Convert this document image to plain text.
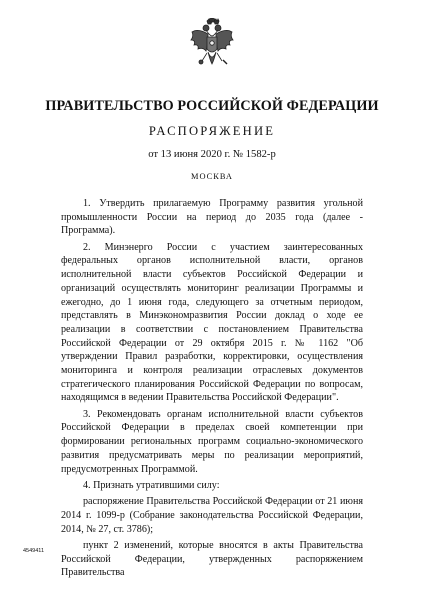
ПРАВИТЕЛЬСТВО РОССИЙСКОЙ ФЕДЕРАЦИИ
РАСПОРЯЖЕНИЕ
от 13 июня 2020 г. № 1582-р
МОСКВА

1. Утвердить прилагаемую Программу развития угольной промышленности России на период до 2035 года (далее - Программа).

2. Минэнерго России с участием заинтересованных федеральных органов исполнительной власти, органов исполнительной власти субъектов Российской Федерации и организаций осуществлять мониторинг реализации Программы и ежегодно, до 1 июня года, следующего за отчетным периодом, представлять в Минэкономразвития России доклад о ходе ее реализации в соответствии с постановлением Правительства Российской Федерации от 29 октября 2015 г. № 1162 "Об утверждении Правил разработки, корректировки, осуществления мониторинга и контроля реализации отраслевых документов стратегического планирования Российской Федерации по вопросам, находящимся в ведении Правительства Российской Федерации".

3. Рекомендовать органам исполнительной власти субъектов Российской Федерации в пределах своей компетенции при формировании региональных программ социально-экономического развития предусматривать меры по реализации мероприятий, предусмотренных Программой.

4. Признать утратившими силу:

распоряжение Правительства Российской Федерации от 21 июня 2014 г. 1099-р (Собрание законодательства Российской Федерации, 2014, № 27, ст. 3786);

пункт 2 изменений, которые вносятся в акты Правительства Российской Федерации, утвержденных распоряжением Правительства

4549411
